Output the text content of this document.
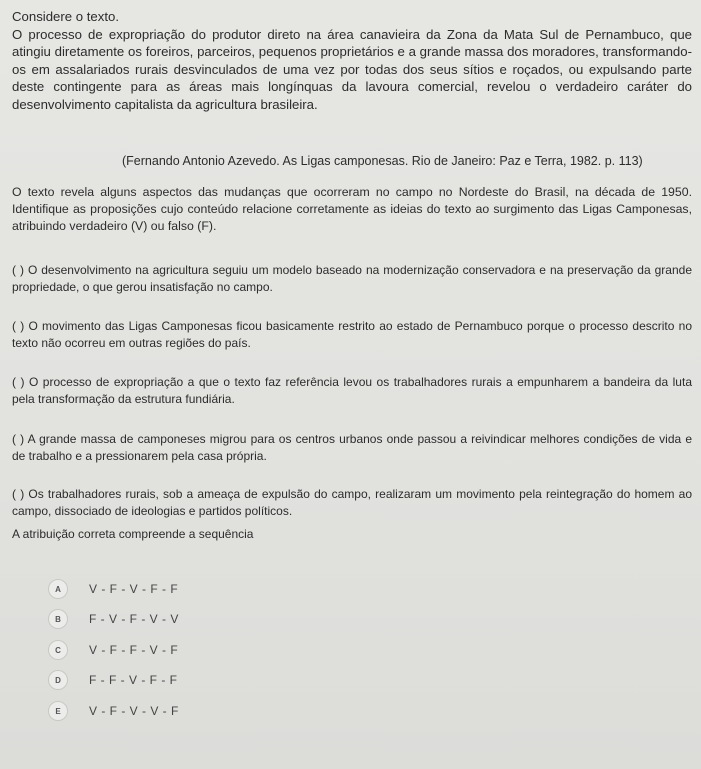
Considere o texto.
O processo de expropriação do produtor direto na área canavieira da Zona da Mata Sul de Pernambuco, que atingiu diretamente os foreiros, parceiros, pequenos proprietários e a grande massa dos moradores, transformando-os em assalariados rurais desvinculados de uma vez por todas dos seus sítios e roçados, ou expulsando parte deste contingente para as áreas mais longínquas da lavoura comercial, revelou o verdadeiro caráter do desenvolvimento capitalista da agricultura brasileira.
(Fernando Antonio Azevedo. As Ligas camponesas. Rio de Janeiro: Paz e Terra, 1982. p. 113)
O texto revela alguns aspectos das mudanças que ocorreram no campo no Nordeste do Brasil, na década de 1950. Identifique as proposições cujo conteúdo relacione corretamente as ideias do texto ao surgimento das Ligas Camponesas, atribuindo verdadeiro (V) ou falso (F).
( ) O desenvolvimento na agricultura seguiu um modelo baseado na modernização conservadora e na preservação da grande propriedade, o que gerou insatisfação no campo.
( ) O movimento das Ligas Camponesas ficou basicamente restrito ao estado de Pernambuco porque o processo descrito no texto não ocorreu em outras regiões do país.
( ) O processo de expropriação a que o texto faz referência levou os trabalhadores rurais a empunharem a bandeira da luta pela transformação da estrutura fundiária.
( ) A grande massa de camponeses migrou para os centros urbanos onde passou a reivindicar melhores condições de vida e de trabalho e a pressionarem pela casa própria.
( ) Os trabalhadores rurais, sob a ameaça de expulsão do campo, realizaram um movimento pela reintegração do homem ao campo, dissociado de ideologias e partidos políticos.
A atribuição correta compreende a sequência
A	V - F - V - F - F
B	F - V - F - V - V
C	V - F - F - V - F
D	F - F - V - F - F
E	V - F - V - V - F
